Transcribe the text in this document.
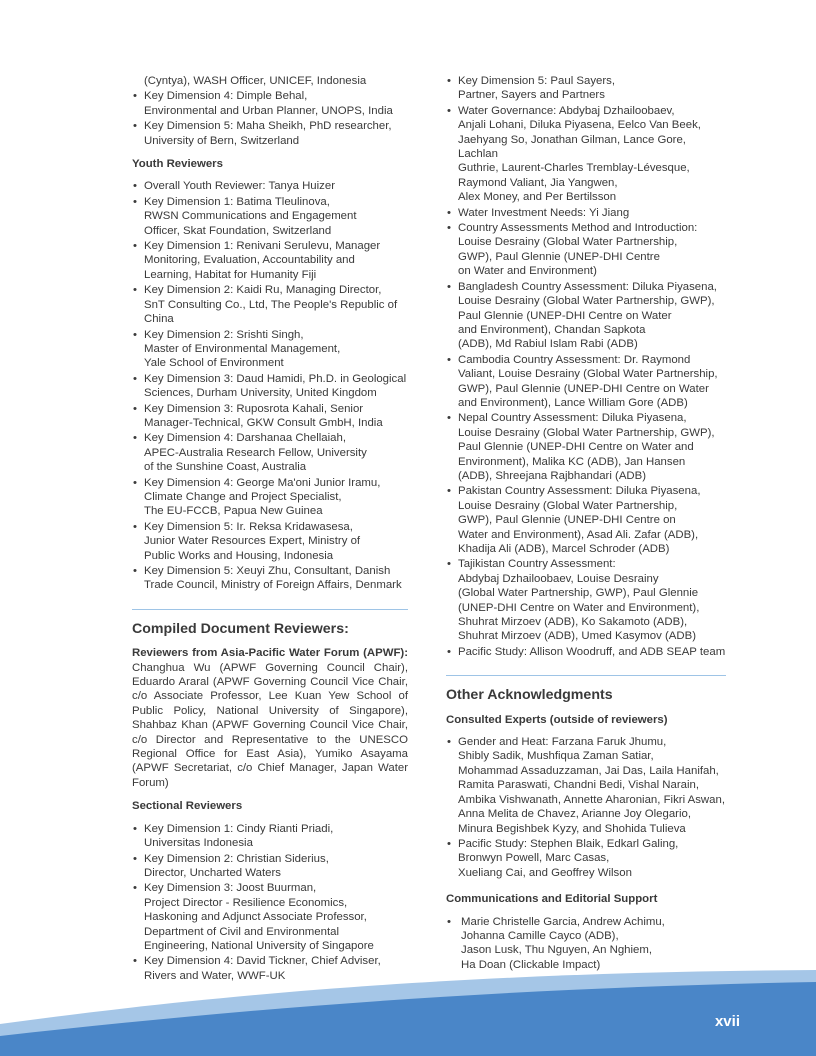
(Cyntya), WASH Officer, UNICEF, Indonesia
• Key Dimension 4: Dimple Behal,
Environmental and Urban Planner, UNOPS, India
• Key Dimension 5: Maha Sheikh, PhD researcher,
University of Bern, Switzerland
Youth Reviewers
• Overall Youth Reviewer: Tanya Huizer
• Key Dimension 1: Batima Tleulinova,
RWSN Communications and Engagement
Officer, Skat Foundation, Switzerland
• Key Dimension 1: Renivani Serulevu, Manager
Monitoring, Evaluation, Accountability and
Learning, Habitat for Humanity Fiji
• Key Dimension 2: Kaidi Ru, Managing Director,
SnT Consulting Co., Ltd, The People's Republic of China
• Key Dimension 2: Srishti Singh,
Master of Environmental Management,
Yale School of Environment
• Key Dimension 3: Daud Hamidi, Ph.D. in Geological
Sciences, Durham University, United Kingdom
• Key Dimension 3: Ruposrota Kahali, Senior
Manager-Technical, GKW Consult GmbH, India
• Key Dimension 4: Darshanaa Chellaiah,
APEC-Australia Research Fellow, University
of the Sunshine Coast, Australia
• Key Dimension 4: George Ma'oni Junior Iramu,
Climate Change and Project Specialist,
The EU-FCCB, Papua New Guinea
• Key Dimension 5: Ir. Reksa Kridawasesa,
Junior Water Resources Expert, Ministry of
Public Works and Housing, Indonesia
• Key Dimension 5: Xeuyi Zhu, Consultant, Danish
Trade Council, Ministry of Foreign Affairs, Denmark
Compiled Document Reviewers:

Reviewers from Asia-Pacific Water Forum (APWF): Changhua Wu (APWF Governing Council Chair), Eduardo Araral (APWF Governing Council Vice Chair, c/o Associate Professor, Lee Kuan Yew School of Public Policy, National University of Singapore), Shahbaz Khan (APWF Governing Council Vice Chair, c/o Director and Representative to the UNESCO Regional Office for East Asia), Yumiko Asayama (APWF Secretariat, c/o Chief Manager, Japan Water Forum)

Sectional Reviewers
• Key Dimension 1: Cindy Rianti Priadi,
Universitas Indonesia
• Key Dimension 2: Christian Siderius,
Director, Uncharted Waters
• Key Dimension 3: Joost Buurman,
Project Director - Resilience Economics,
Haskoning and Adjunct Associate Professor,
Department of Civil and Environmental
Engineering, National University of Singapore
• Key Dimension 4: David Tickner, Chief Adviser,
Rivers and Water, WWF-UK
• Key Dimension 5: Paul Sayers,
Partner, Sayers and Partners
• Water Governance: Abdybaj Dzhailoobaev,
Anjali Lohani, Diluka Piyasena, Eelco Van Beek,
Jaehyang So, Jonathan Gilman, Lance Gore, Lachlan
Guthrie, Laurent-Charles Tremblay-Lévesque,
Raymond Valiant, Jia Yangwen,
Alex Money, and Per Bertilsson
• Water Investment Needs: Yi Jiang
• Country Assessments Method and Introduction:
Louise Desrainy (Global Water Partnership,
GWP), Paul Glennie (UNEP-DHI Centre
on Water and Environment)
• Bangladesh Country Assessment: Diluka Piyasena,
Louise Desrainy (Global Water Partnership, GWP),
Paul Glennie (UNEP-DHI Centre on Water
and Environment), Chandan Sapkota
(ADB), Md Rabiul Islam Rabi (ADB)
• Cambodia Country Assessment: Dr. Raymond
Valiant, Louise Desrainy (Global Water Partnership,
GWP), Paul Glennie (UNEP-DHI Centre on Water
and Environment), Lance William Gore (ADB)
• Nepal Country Assessment: Diluka Piyasena,
Louise Desrainy (Global Water Partnership, GWP),
Paul Glennie (UNEP-DHI Centre on Water and
Environment), Malika KC (ADB), Jan Hansen
(ADB), Shreejana Rajbhandari (ADB)
• Pakistan Country Assessment: Diluka Piyasena,
Louise Desrainy (Global Water Partnership,
GWP), Paul Glennie (UNEP-DHI Centre on
Water and Environment), Asad Ali. Zafar (ADB),
Khadija Ali (ADB), Marcel Schroder (ADB)
• Tajikistan Country Assessment:
Abdybaj Dzhailoobaev, Louise Desrainy
(Global Water Partnership, GWP), Paul Glennie
(UNEP-DHI Centre on Water and Environment),
Shuhrat Mirzoev (ADB), Ko Sakamoto (ADB),
Shuhrat Mirzoev (ADB), Umed Kasymov (ADB)
• Pacific Study: Allison Woodruff, and ADB SEAP team
Other Acknowledgments
Consulted Experts (outside of reviewers)
• Gender and Heat: Farzana Faruk Jhumu,
Shibly Sadik, Mushfiqua Zaman Satiar,
Mohammad Assaduzzaman, Jai Das, Laila Hanifah,
Ramita Paraswati, Chandni Bedi, Vishal Narain,
Ambika Vishwanath, Annette Aharonian, Fikri Aswan,
Anna Melita de Chavez, Arianne Joy Olegario,
Minura Begishbek Kyzy, and Shohida Tulieva
• Pacific Study: Stephen Blaik, Edkarl Galing,
Bronwyn Powell, Marc Casas,
Xueliang Cai, and Geoffrey Wilson
Communications and Editorial Support
• Marie Christelle Garcia, Andrew Achimu,
Johanna Camille Cayco (ADB),
Jason Lusk, Thu Nguyen, An Nghiem,
Ha Doan (Clickable Impact)
xvii
